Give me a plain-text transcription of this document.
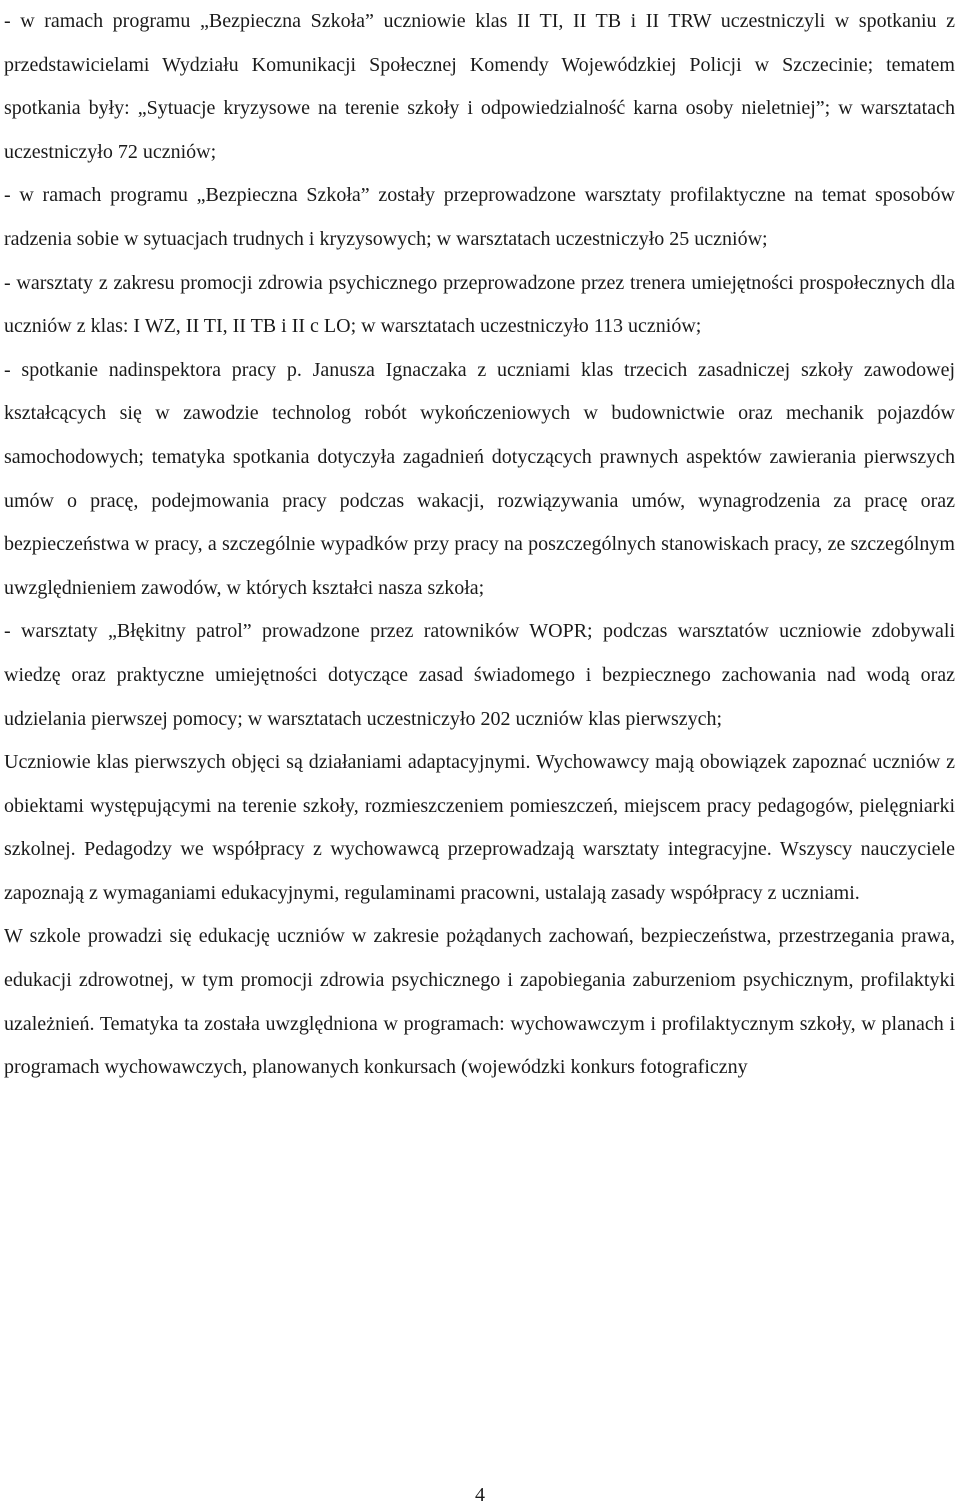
- w ramach programu „Bezpieczna Szkoła” uczniowie klas II TI, II TB i II TRW uczestniczyli w spotkaniu z przedstawicielami Wydziału Komunikacji Społecznej Komendy Wojewódzkiej Policji w Szczecinie; tematem spotkania były: „Sytuacje kryzysowe na terenie szkoły i odpowiedzialność karna osoby nieletniej”; w warsztatach uczestniczyło 72 uczniów;

- w ramach programu „Bezpieczna Szkoła” zostały przeprowadzone warsztaty profilaktyczne na temat sposobów radzenia sobie w sytuacjach trudnych i kryzysowych; w warsztatach uczestniczyło 25 uczniów;

- warsztaty z zakresu promocji zdrowia psychicznego przeprowadzone przez trenera umiejętności prospołecznych dla uczniów z klas: I WZ, II TI, II TB i II c LO; w warsztatach uczestniczyło 113 uczniów;

- spotkanie nadinspektora pracy p. Janusza Ignaczaka z uczniami klas trzecich zasadniczej szkoły zawodowej kształcących się w zawodzie technolog robót wykończeniowych w budownictwie oraz mechanik pojazdów samochodowych; tematyka spotkania dotyczyła zagadnień dotyczących prawnych aspektów zawierania pierwszych umów o pracę, podejmowania pracy podczas wakacji, rozwiązywania umów, wynagrodzenia za pracę oraz bezpieczeństwa w pracy, a szczególnie wypadków przy pracy na poszczególnych stanowiskach pracy, ze szczególnym uwzględnieniem zawodów, w których kształci nasza szkoła;

- warsztaty „Błękitny patrol” prowadzone przez ratowników WOPR; podczas warsztatów uczniowie zdobywali wiedzę oraz praktyczne umiejętności dotyczące zasad świadomego i bezpiecznego zachowania nad wodą oraz udzielania pierwszej pomocy; w warsztatach uczestniczyło 202 uczniów klas pierwszych;

Uczniowie klas pierwszych objęci są działaniami adaptacyjnymi. Wychowawcy mają obowiązek zapoznać uczniów z obiektami występującymi na terenie szkoły, rozmieszczeniem pomieszczeń, miejscem pracy pedagogów, pielęgniarki szkolnej. Pedagodzy we współpracy z wychowawcą przeprowadzają warsztaty integracyjne. Wszyscy nauczyciele zapoznają z wymaganiami edukacyjnymi, regulaminami pracowni, ustalają zasady współpracy z uczniami.

W szkole prowadzi się edukację uczniów w zakresie pożądanych zachowań, bezpieczeństwa, przestrzegania prawa, edukacji zdrowotnej, w tym promocji zdrowia psychicznego i zapobiegania zaburzeniom psychicznym, profilaktyki uzależnień. Tematyka ta została uwzględniona w programach: wychowawczym i profilaktycznym szkoły, w planach i programach wychowawczych, planowanych konkursach (wojewódzki konkurs fotograficzny

4
